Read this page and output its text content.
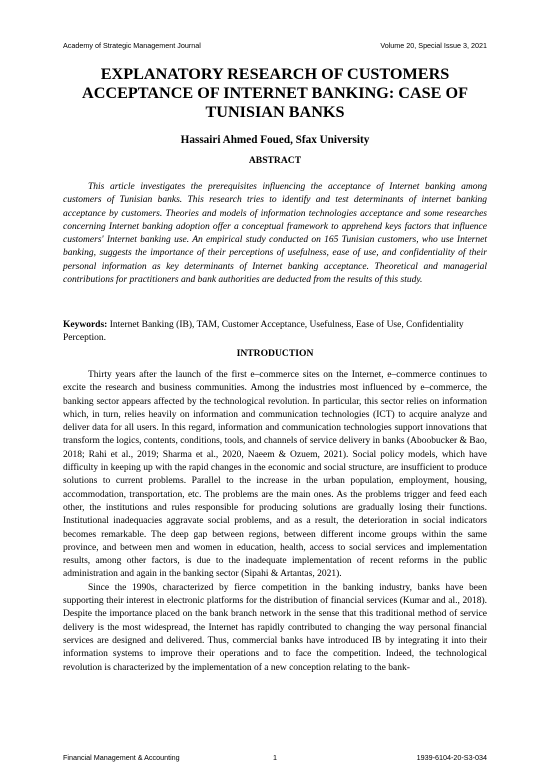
Academy of Strategic Management Journal	Volume 20, Special Issue 3, 2021
EXPLANATORY RESEARCH OF CUSTOMERS ACCEPTANCE OF INTERNET BANKING: CASE OF TUNISIAN BANKS
Hassairi Ahmed Foued, Sfax University
ABSTRACT

This article investigates the prerequisites influencing the acceptance of Internet banking among customers of Tunisian banks. This research tries to identify and test determinants of internet banking acceptance by customers. Theories and models of information technologies acceptance and some researches concerning Internet banking adoption offer a conceptual framework to apprehend keys factors that influence customers' Internet banking use. An empirical study conducted on 165 Tunisian customers, who use Internet banking, suggests the importance of their perceptions of usefulness, ease of use, and confidentiality of their personal information as key determinants of Internet banking acceptance. Theoretical and managerial contributions for practitioners and bank authorities are deducted from the results of this study.

Keywords: Internet Banking (IB), TAM, Customer Acceptance, Usefulness, Ease of Use, Confidentiality Perception.

INTRODUCTION

Thirty years after the launch of the first e–commerce sites on the Internet, e–commerce continues to excite the research and business communities. Among the industries most influenced by e–commerce, the banking sector appears affected by the technological revolution. In particular, this sector relies on information which, in turn, relies heavily on information and communication technologies (ICT) to acquire analyze and deliver data for all users. In this regard, information and communication technologies support innovations that transform the logics, contents, conditions, tools, and channels of service delivery in banks (Aboobucker & Bao, 2018; Rahi et al., 2019; Sharma et al., 2020, Naeem & Ozuem, 2021). Social policy models, which have difficulty in keeping up with the rapid changes in the economic and social structure, are insufficient to produce solutions to current problems. Parallel to the increase in the urban population, employment, housing, accommodation, transportation, etc. The problems are the main ones. As the problems trigger and feed each other, the institutions and rules responsible for producing solutions are gradually losing their functions. Institutional inadequacies aggravate social problems, and as a result, the deterioration in social indicators becomes remarkable. The deep gap between regions, between different income groups within the same province, and between men and women in education, health, access to social services and implementation results, among other factors, is due to the inadequate implementation of recent reforms in the public administration and again in the banking sector (Sipahi & Artantas, 2021).

Since the 1990s, characterized by fierce competition in the banking industry, banks have been supporting their interest in electronic platforms for the distribution of financial services (Kumar and al., 2018). Despite the importance placed on the bank branch network in the sense that this traditional method of service delivery is the most widespread, the Internet has rapidly contributed to changing the way personal financial services are designed and delivered. Thus, commercial banks have introduced IB by integrating it into their information systems to improve their operations and to face the competition. Indeed, the technological revolution is characterized by the implementation of a new conception relating to the bank-

Financial Management & Accounting	1	1939-6104-20-S3-034
